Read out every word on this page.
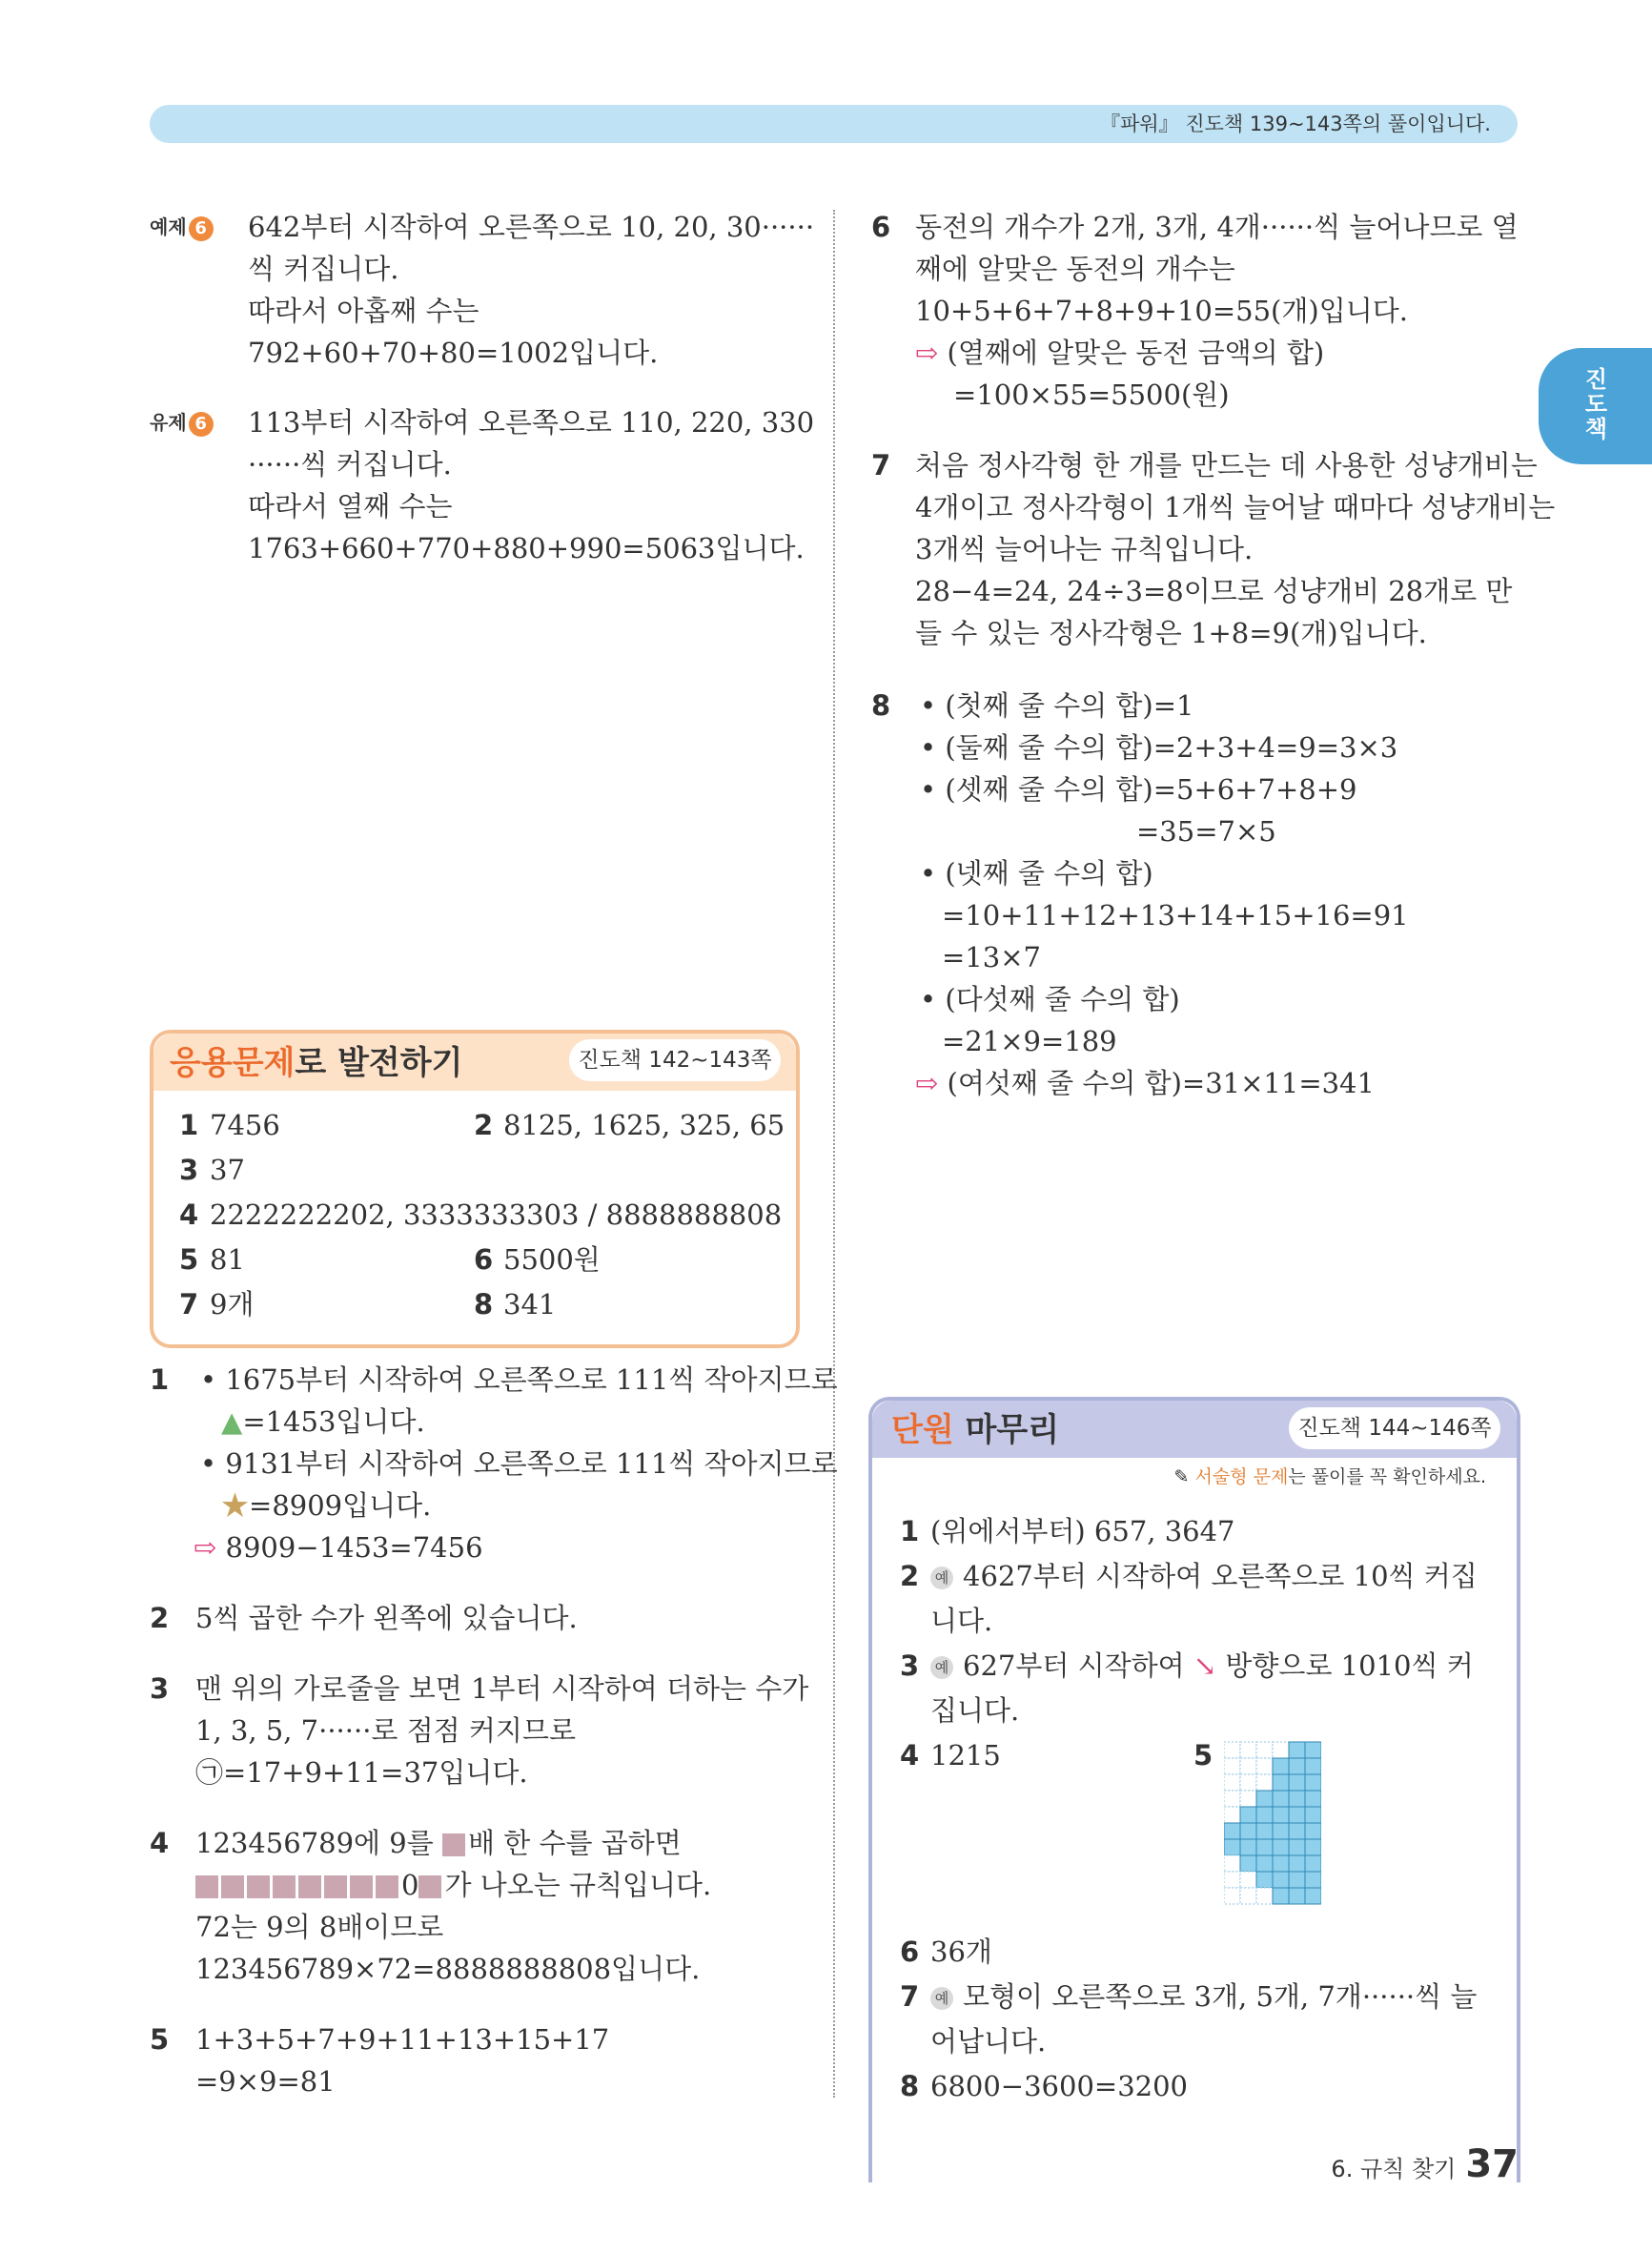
『파워』 진도책 139~143쪽의 풀이입니다.
진도책
예제 6 642부터 시작하여 오른쪽으로 10, 20, 30······
씩 커집니다.
따라서 아홉째 수는
792+60+70+80=1002입니다.
유제 6 113부터 시작하여 오른쪽으로 110, 220, 330
······씩 커집니다.
따라서 열째 수는
1763+660+770+880+990=5063입니다.
6 동전의 개수가 2개, 3개, 4개······씩 늘어나므로 열
째에 알맞은 동전의 개수는
10+5+6+7+8+9+10=55(개)입니다.
⇨ (열째에 알맞은 동전 금액의 합)
=100×55=5500(원)
7 처음 정사각형 한 개를 만드는 데 사용한 성냥개비는
4개이고 정사각형이 1개씩 늘어날 때마다 성냥개비는
3개씩 늘어나는 규칙입니다.
28−4=24, 24÷3=8이므로 성냥개비 28개로 만
들 수 있는 정사각형은 1+8=9(개)입니다.
8 • (첫째 줄 수의 합)=1
• (둘째 줄 수의 합)=2+3+4=9=3×3
• (셋째 줄 수의 합)=5+6+7+8+9
=35=7×5
• (넷째 줄 수의 합)
=10+11+12+13+14+15+16=91
=13×7
• (다섯째 줄 수의 합)
=21×9=189
⇨ (여섯째 줄 수의 합)=31×11=341
응용문제로 발전하기	진도책 142~143쪽
1 7456	2 8125, 1625, 325, 65
3 37
4 2222222202, 3333333303 / 8888888808
5 81	6 5500원
7 9개	8 341
1 • 1675부터 시작하여 오른쪽으로 111씩 작아지므로
▲=1453입니다.
• 9131부터 시작하여 오른쪽으로 111씩 작아지므로
★=8909입니다.
⇨ 8909−1453=7456
2 5씩 곱한 수가 왼쪽에 있습니다.
3 맨 위의 가로줄을 보면 1부터 시작하여 더하는 수가
1, 3, 5, 7······로 점점 커지므로
㉠=17+9+11=37입니다.
4 123456789에 9를 배 한 수를 곱하면
0 가 나오는 규칙입니다.
72는 9의 8배이므로
123456789×72=8888888808입니다.
5 1+3+5+7+9+11+13+15+17
=9×9=81
단원 마무리	진도책 144~146쪽
✎ 서술형 문제는 풀이를 꼭 확인하세요.
1 (위에서부터) 657, 3647
2	예 4627부터 시작하여 오른쪽으로 10씩 커집
니다.
3	예 627부터 시작하여 ↘ 방향으로 1010씩 커
집니다.
4 1215	5
6 36개
7	예 모형이 오른쪽으로 3개, 5개, 7개······씩 늘
어납니다.
8 6800−3600=3200
6. 규칙 찾기 37
